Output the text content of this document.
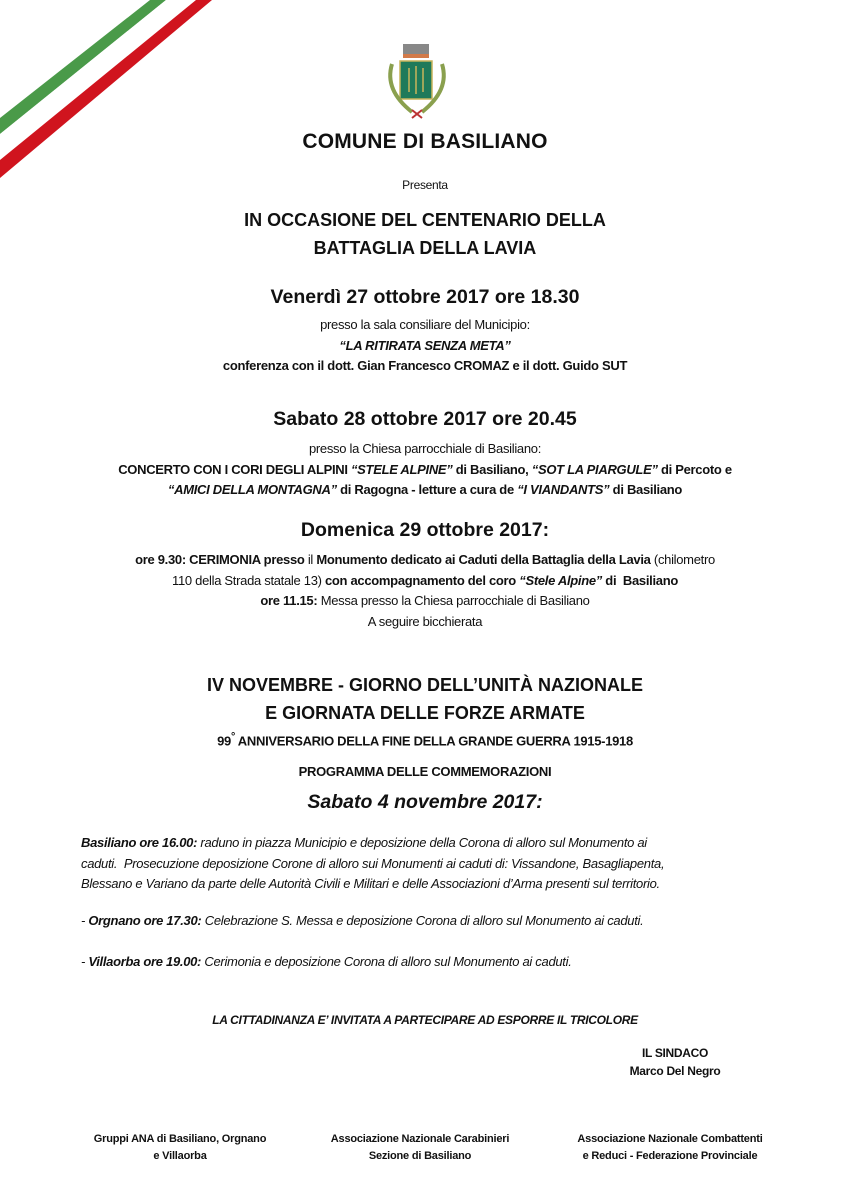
COMUNE DI BASILIANO
Presenta
IN OCCASIONE DEL CENTENARIO DELLA
BATTAGLIA DELLA LAVIA
Venerdì 27 ottobre 2017 ore 18.30
presso la sala consiliare del Municipio:
“LA RITIRATA SENZA META”
conferenza con il dott. Gian Francesco CROMAZ e il dott. Guido SUT
Sabato 28 ottobre 2017 ore 20.45
presso la Chiesa parrocchiale di Basiliano:
CONCERTO CON I CORI DEGLI ALPINI “STELE ALPINE” di Basiliano, “SOT LA PIARGULE” di Percoto e
“AMICI DELLA MONTAGNA” di Ragogna - letture a cura de “I VIANDANTS” di Basiliano
Domenica 29 ottobre 2017:
ore 9.30: CERIMONIA presso il Monumento dedicato ai Caduti della Battaglia della Lavia (chilometro
110 della Strada statale 13) con accompagnamento del coro “Stele Alpine” di  Basiliano
ore 11.15: Messa presso la Chiesa parrocchiale di Basiliano
A seguire bicchierata
IV NOVEMBRE - GIORNO DELL’UNITÀ NAZIONALE
E GIORNATA DELLE FORZE ARMATE
99° ANNIVERSARIO DELLA FINE DELLA GRANDE GUERRA 1915-1918
PROGRAMMA DELLE COMMEMORAZIONI
Sabato 4 novembre 2017:
Basiliano ore 16.00: raduno in piazza Municipio e deposizione della Corona di alloro sul Monumento ai
caduti.  Prosecuzione deposizione Corone di alloro sui Monumenti ai caduti di: Vissandone, Basagliapenta,
Blessano e Variano da parte delle Autorità Civili e Militari e delle Associazioni d’Arma presenti sul territorio.
- Orgnano ore 17.30: Celebrazione S. Messa e deposizione Corona di alloro sul Monumento ai caduti.
- Villaorba ore 19.00: Cerimonia e deposizione Corona di alloro sul Monumento ai caduti.
LA CITTADINANZA E’ INVITATA A PARTECIPARE AD ESPORRE IL TRICOLORE
IL SINDACO
Marco Del Negro
Gruppi ANA di Basiliano, Orgnano
e Villaorba
Associazione Nazionale Carabinieri
Sezione di Basiliano
Associazione Nazionale Combattenti
e Reduci - Federazione Provinciale
